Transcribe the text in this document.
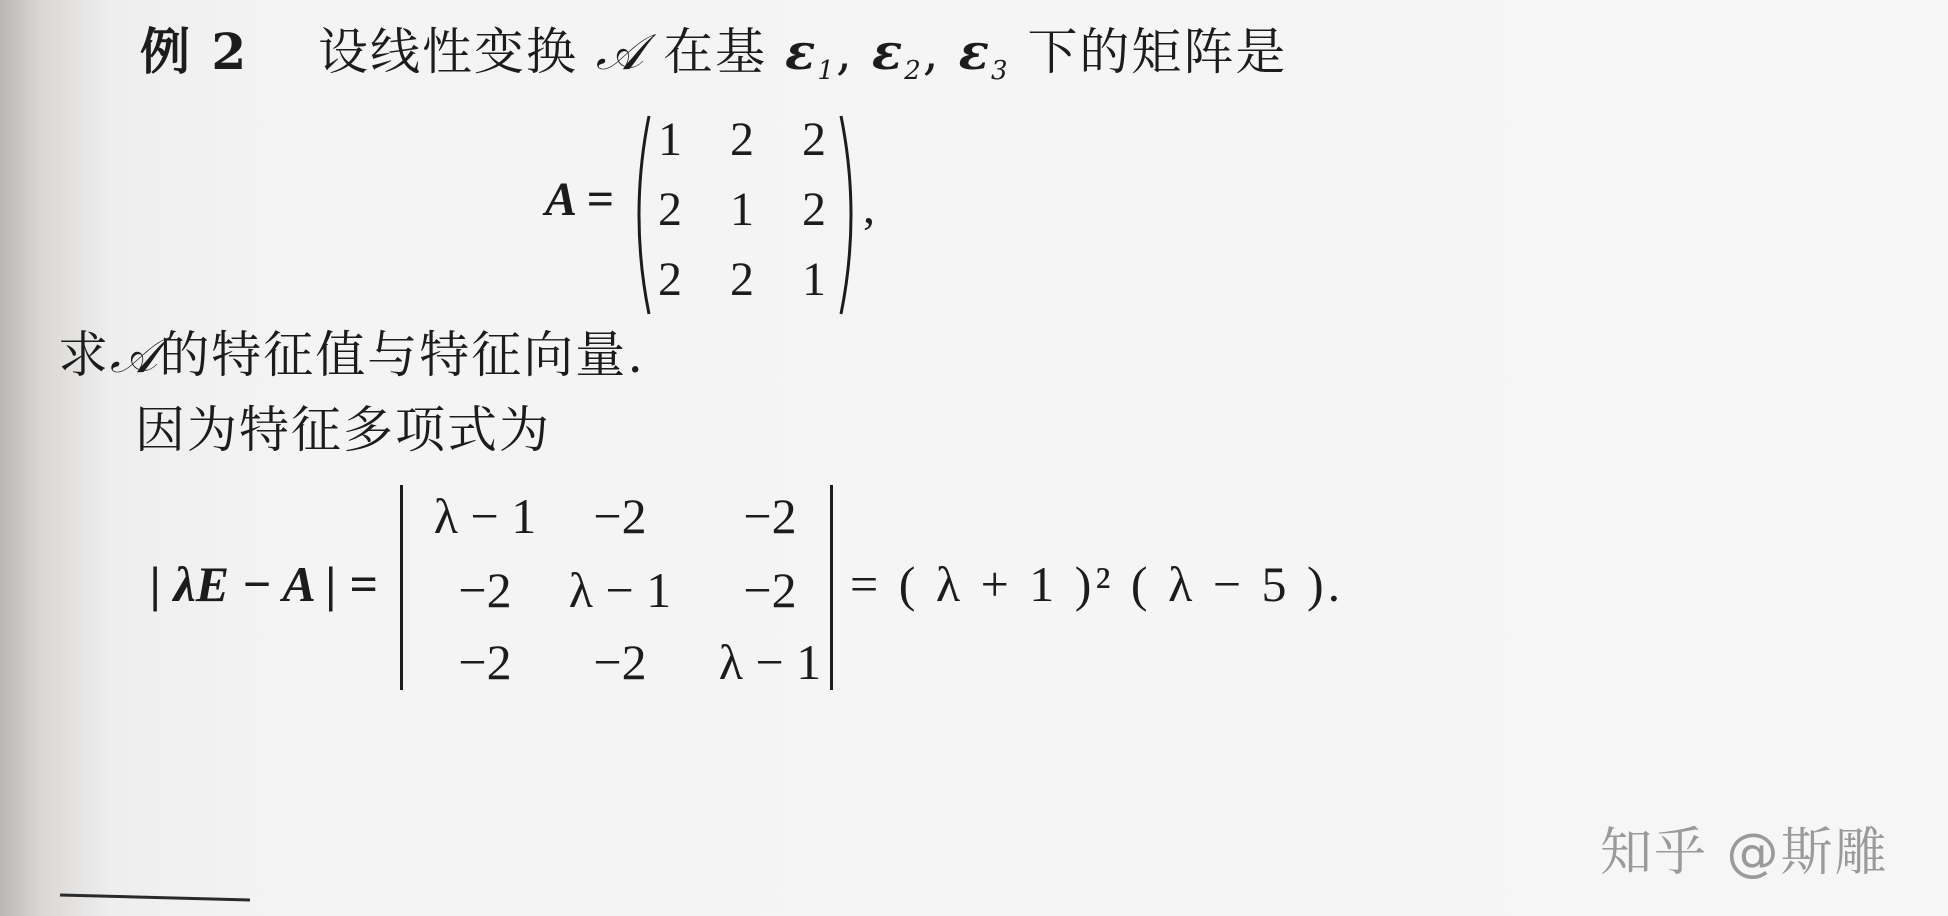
例 2 设线性变换 𝒜 在基 $\varepsilon_1$, $\varepsilon_2$, $\varepsilon_3$ 下的矩阵是
A =
1	2	2
2	1	2
2	2	1
,
求𝒜的特征值与特征向量.
因为特征多项式为
| λE − A | =
λ − 1	−2	−2
−2	λ − 1	−2
−2	−2	λ − 1
= ( λ + 1 )² ( λ − 5 ).
知乎 @斯雕
